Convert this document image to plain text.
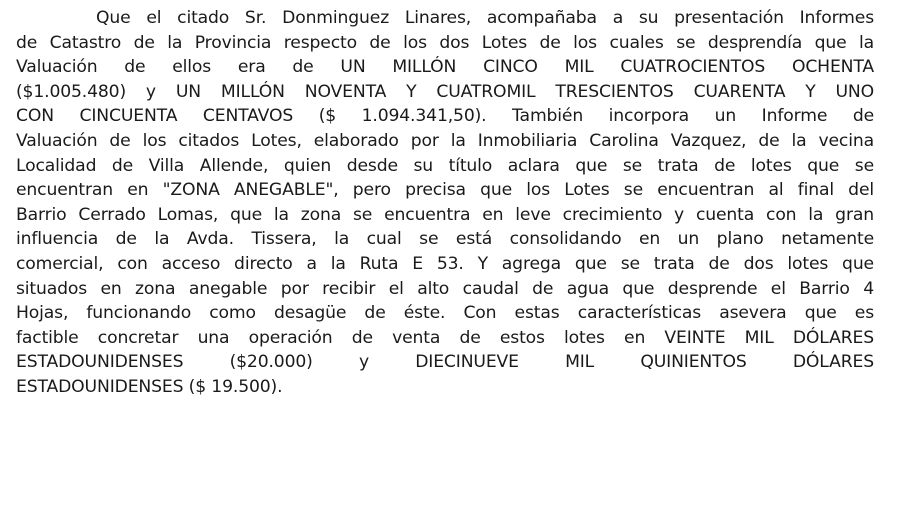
Que el citado Sr. Donminguez Linares, acompañaba a su presentación Informes
de Catastro de la Provincia respecto de los dos Lotes de los cuales se desprendía que la
Valuación de ellos era de UN MILLÓN CINCO MIL CUATROCIENTOS OCHENTA
($1.005.480) y UN MILLÓN NOVENTA Y CUATROMIL TRESCIENTOS CUARENTA Y UNO
CON CINCUENTA CENTAVOS ($ 1.094.341,50). También incorpora un Informe de
Valuación de los citados Lotes, elaborado por la Inmobiliaria Carolina Vazquez, de la vecina
Localidad de Villa Allende, quien desde su título aclara que se trata de lotes que se
encuentran en "ZONA ANEGABLE", pero precisa que los Lotes se encuentran al final del
Barrio Cerrado Lomas, que la zona se encuentra en leve crecimiento y cuenta con la gran
influencia de la Avda. Tissera, la cual se está consolidando en un plano netamente
comercial, con acceso directo a la Ruta E 53. Y agrega que se trata de dos lotes que
situados en zona anegable por recibir el alto caudal de agua que desprende el Barrio 4
Hojas, funcionando como desagüe de éste. Con estas características asevera que es
factible concretar una operación de venta de estos lotes en VEINTE MIL DÓLARES
ESTADOUNIDENSES ($20.000) y DIECINUEVE MIL QUINIENTOS DÓLARES
ESTADOUNIDENSES ($ 19.500).
